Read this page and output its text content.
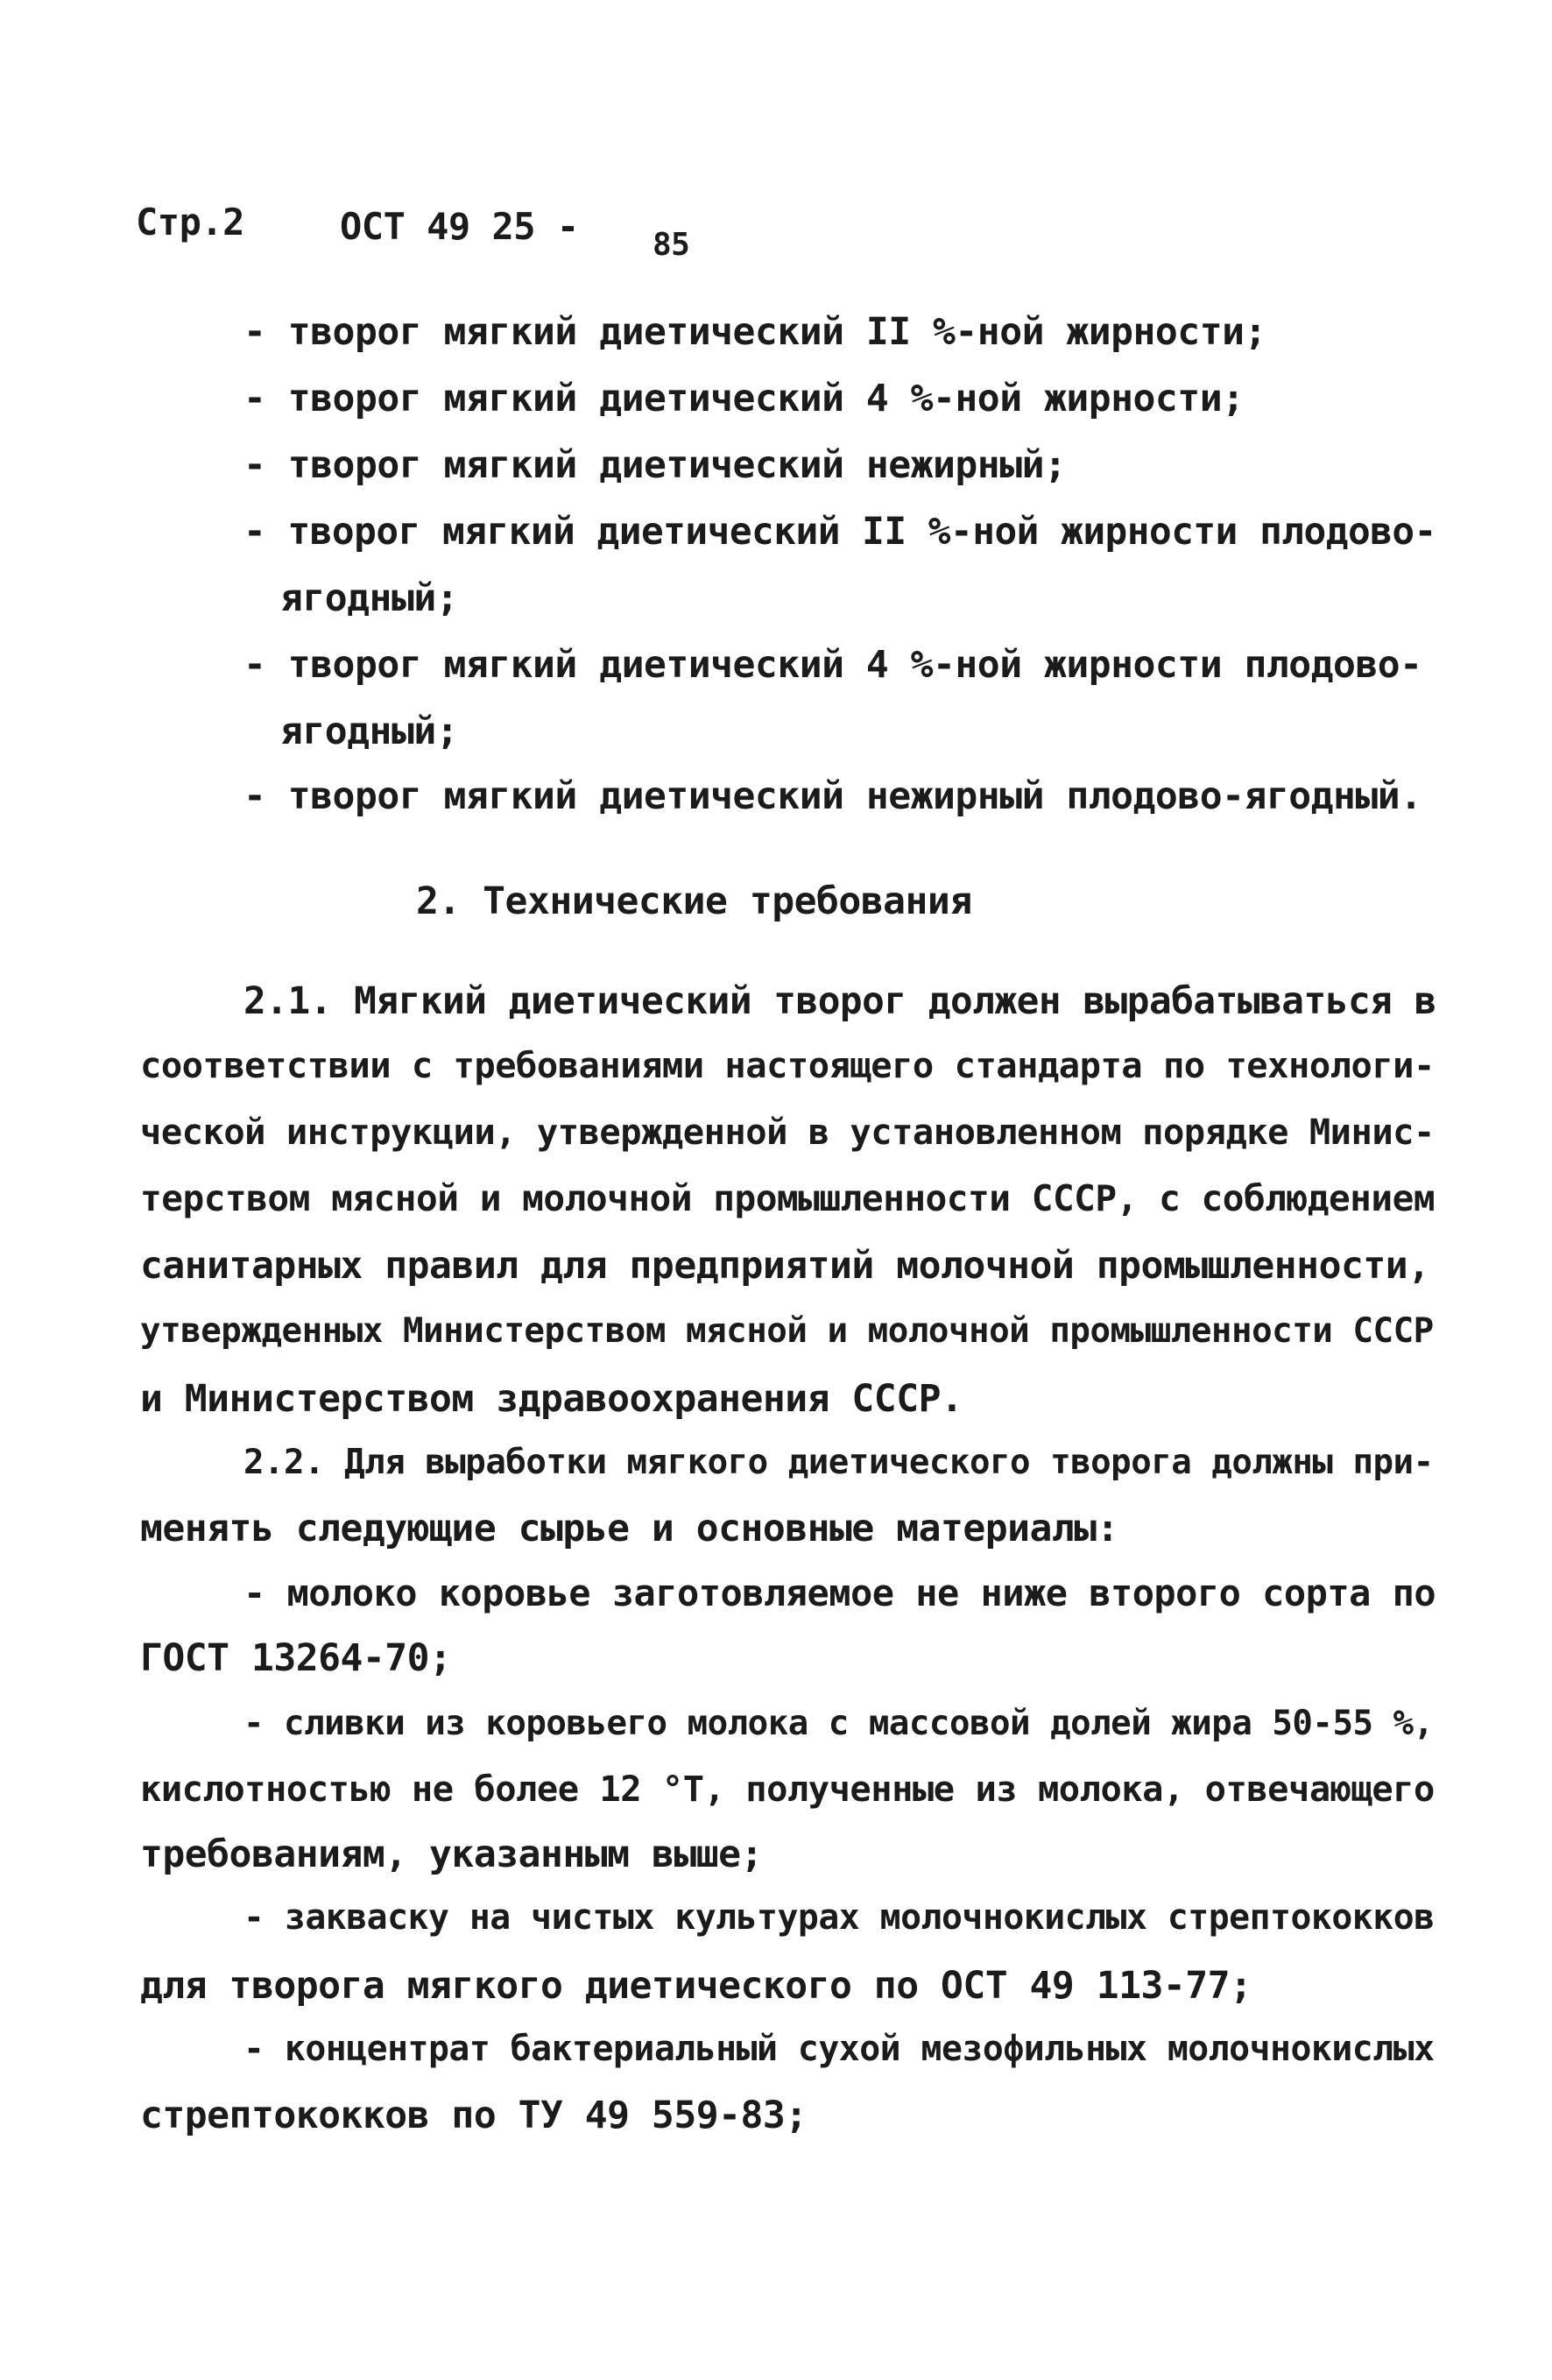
Стр.2	ОСТ 49 25 - 85
- творог мягкий диетический II %-ной жирности;
- творог мягкий диетический 4 %-ной жирности;
- творог мягкий диетический нежирный;
- творог мягкий диетический II %-ной жирности плодово-
ягодный;
- творог мягкий диетический 4 %-ной жирности плодово-
ягодный;
- творог мягкий диетический нежирный плодово-ягодный.
2. Технические требования
2.1. Мягкий диетический творог должен вырабатываться в
соответствии с требованиями настоящего стандарта по технологи-
ческой инструкции, утвержденной в установленном порядке Минис-
терством мясной и молочной промышленности СССР, с соблюдением
санитарных правил для предприятий молочной промышленности,
утвержденных Министерством мясной и молочной промышленности СССР
и Министерством здравоохранения СССР.
2.2. Для выработки мягкого диетического творога должны при-
менять следующие сырье и основные материалы:
- молоко коровье заготовляемое не ниже второго сорта по
ГОСТ 13264-70;
- сливки из коровьего молока с массовой долей жира 50-55 %,
кислотностью не более 12 °Т, полученные из молока, отвечающего
требованиям, указанным выше;
- закваску на чистых культурах молочнокислых стрептококков
для творога мягкого диетического по ОСТ 49 113-77;
- концентрат бактериальный сухой мезофильных молочнокислых
стрептококков по ТУ 49 559-83;
